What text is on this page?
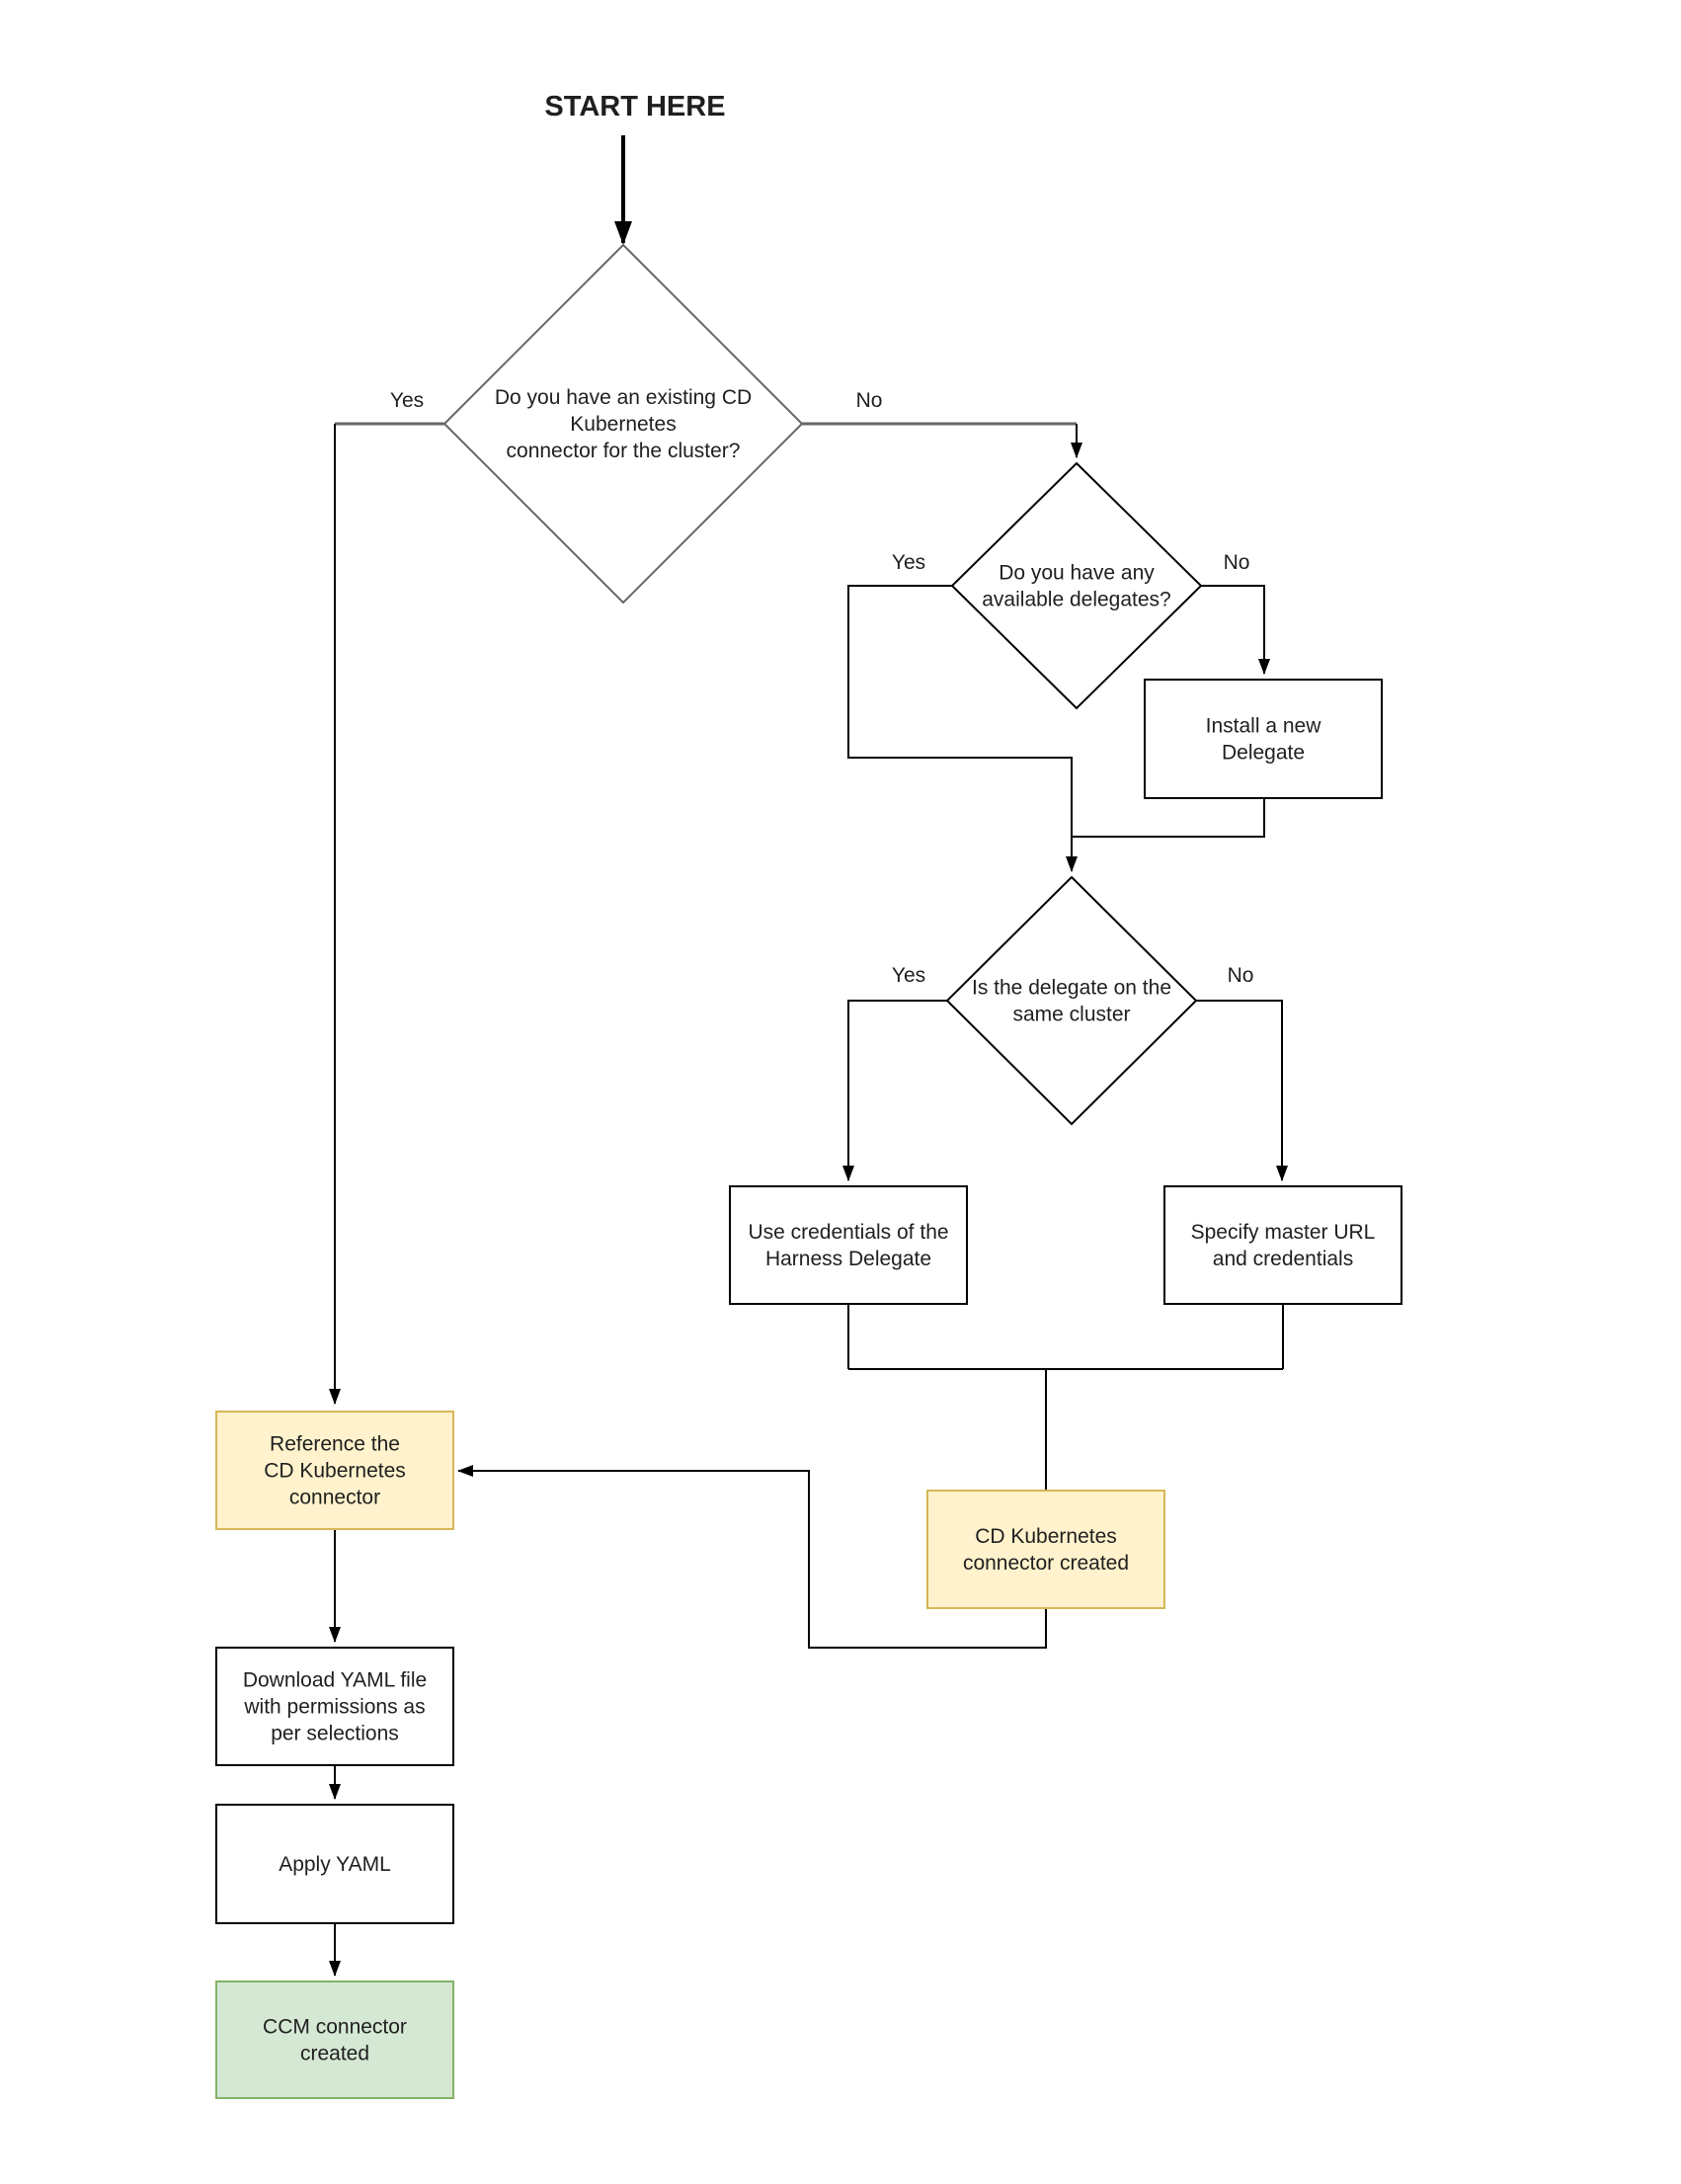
Do you have an existing CD Kubernetes connector for the cluster?
Do you have any available delegates?
Is the delegate on the same cluster
Install a new Delegate
Use credentials of the Harness Delegate
Specify master URL and credentials
CD Kubernetes connector created
Reference the CD Kubernetes connector
Download YAML file with permissions as per selections
Apply YAML
CCM connector created
START HERE
Yes	No
Yes	No
Yes	No
